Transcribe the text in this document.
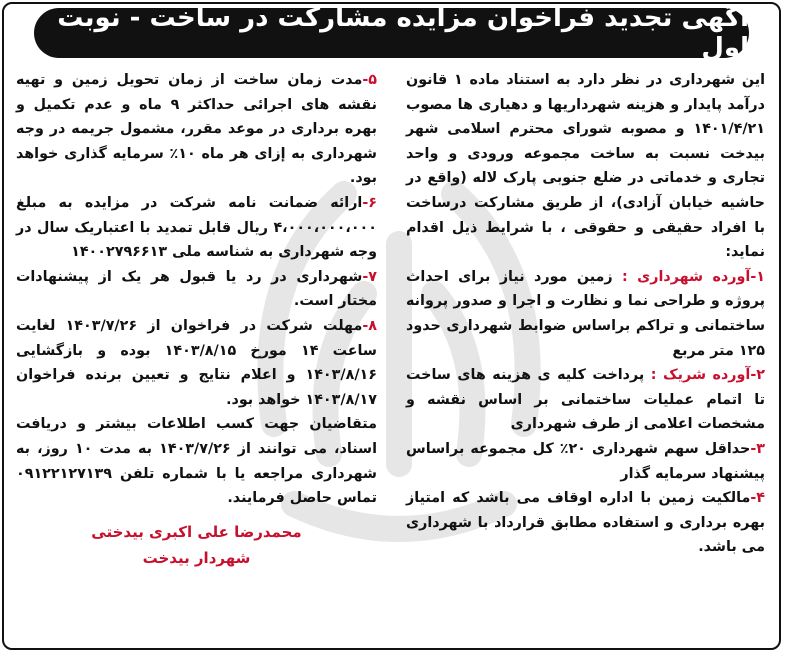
آگهی تجدید فراخوان مزایده مشارکت در ساخت - نوبت اول

این شهرداری در نظر دارد به استناد ماده ۱ قانون درآمد پایدار و هزینه شهرداریها و دهیاری ها مصوب ۱۴۰۱/۴/۲۱ و مصوبه شورای محترم اسلامی شهر بیدخت نسبت به ساخت مجموعه ورودی و واحد تجاری و خدماتی در ضلع جنوبی پارک لاله (واقع در حاشیه خیابان آزادی)، از طریق مشارکت درساخت با افراد حقیقی و حقوقی ، با شرایط ذیل اقدام نماید:

۱-آورده شهرداری : زمین مورد نیاز برای احداث پروژه و طراحی نما و نظارت و اجرا و صدور پروانه ساختمانی و تراکم براساس ضوابط شهرداری حدود ۱۲۵ متر مربع

۲-آورده شریک : پرداخت کلیه ی هزینه های ساخت تا اتمام عملیات ساختمانی بر اساس نقشه و مشخصات اعلامی از طرف شهرداری

۳-حداقل سهم شهرداری ۲۰٪ کل مجموعه براساس پیشنهاد سرمایه گذار

۴-مالکیت زمین با اداره اوقاف می باشد که امتیاز بهره برداری و استفاده مطابق قرارداد با شهرداری می باشد.

۵-مدت زمان ساخت از زمان تحویل زمین و تهیه نقشه های اجرائی حداکثر ۹ ماه و عدم تکمیل و بهره برداری در موعد مقرر، مشمول جریمه در وجه شهرداری به إزای هر ماه ۱۰٪ سرمایه گذاری خواهد بود.

۶-ارائه ضمانت نامه شرکت در مزایده به مبلغ ۴،۰۰۰،۰۰۰،۰۰۰ ریال قابل تمدید با اعتباریک سال در وجه شهرداری به شناسه ملی ۱۴۰۰۲۷۹۶۶۱۳

۷-شهرداری در رد یا قبول هر یک از پیشنهادات مختار است.

۸-مهلت شرکت در فراخوان از ۱۴۰۳/۷/۲۶ لغایت ساعت ۱۴ مورخ ۱۴۰۳/۸/۱۵ بوده و بازگشایی ۱۴۰۳/۸/۱۶ و اعلام نتایج و تعیین برنده فراخوان ۱۴۰۳/۸/۱۷ خواهد بود.

متقاضیان جهت کسب اطلاعات بیشتر و دریافت اسناد، می توانند از ۱۴۰۳/۷/۲۶ به مدت ۱۰ روز، به شهرداری مراجعه یا با شماره تلفن ۰۹۱۲۲۱۲۷۱۳۹ تماس حاصل فرمایند.

محمدرضا علی اکبری بیدختی
شهردار بیدخت
